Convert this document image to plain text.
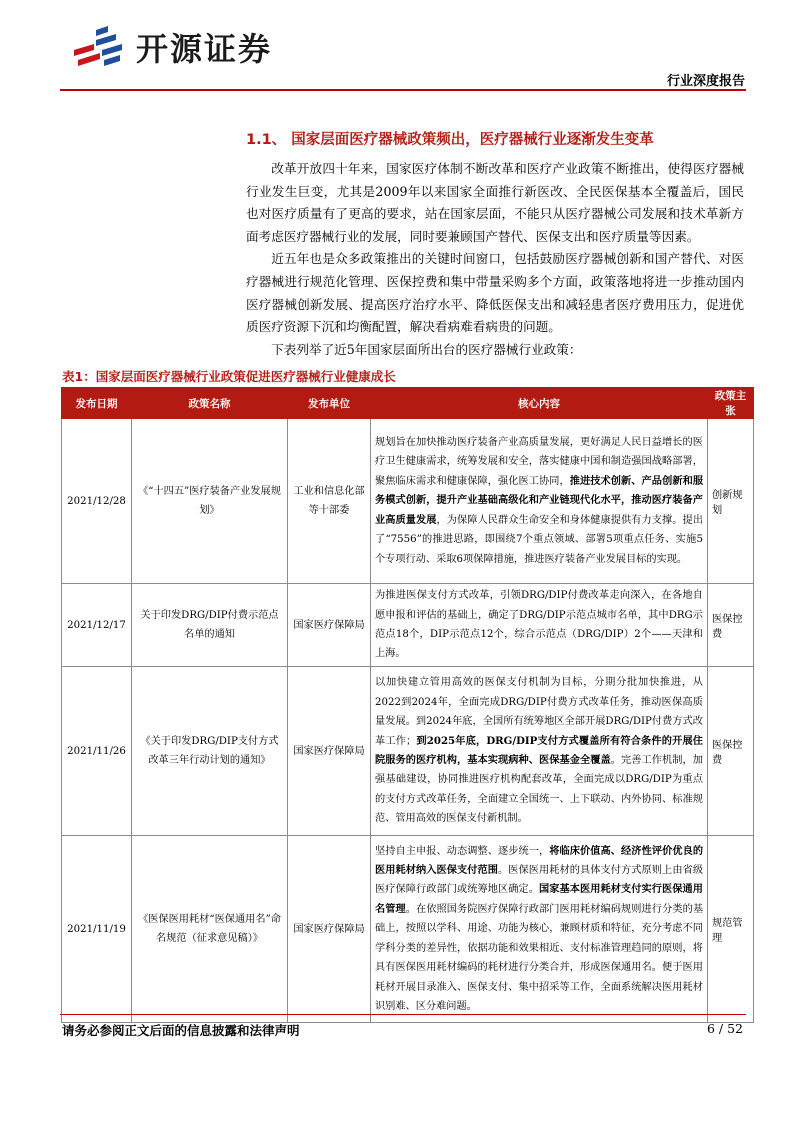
开源证券
行业深度报告
1.1、 国家层面医疗器械政策频出，医疗器械行业逐渐发生变革

改革开放四十年来，国家医疗体制不断改革和医疗产业政策不断推出，使得医疗器械行业发生巨变，尤其是2009年以来国家全面推行新医改、全民医保基本全覆盖后，国民也对医疗质量有了更高的要求，站在国家层面，不能只从医疗器械公司发展和技术革新方面考虑医疗器械行业的发展，同时要兼顾国产替代、医保支出和医疗质量等因素。

近五年也是众多政策推出的关键时间窗口，包括鼓励医疗器械创新和国产替代、对医疗器械进行规范化管理、医保控费和集中带量采购多个方面，政策落地将进一步推动国内医疗器械创新发展、提高医疗治疗水平、降低医保支出和减轻患者医疗费用压力，促进优质医疗资源下沉和均衡配置，解决看病难看病贵的问题。

下表列举了近5年国家层面所出台的医疗器械行业政策：

表1：国家层面医疗器械行业政策促进医疗器械行业健康成长
发布日期	政策名称	发布单位	核心内容	政策主张
2021/12/28	《“十四五”医疗装备产业发展规划》	工业和信息化部等十部委	规划旨在加快推动医疗装备产业高质量发展，更好满足人民日益增长的医疗卫生健康需求，统筹发展和安全，落实健康中国和制造强国战略部署，聚焦临床需求和健康保障，强化医工协同，推进技术创新、产品创新和服务模式创新，提升产业基础高级化和产业链现代化水平，推动医疗装备产业高质量发展，为保障人民群众生命安全和身体健康提供有力支撑。提出了“7556”的推进思路，即围绕7个重点领域、部署5项重点任务、实施5个专项行动、采取6项保障措施，推进医疗装备产业发展目标的实现。	创新规划
2021/12/17	关于印发DRG/DIP付费示范点名单的通知	国家医疗保障局	为推进医保支付方式改革，引领DRG/DIP付费改革走向深入，在各地自愿申报和评估的基础上，确定了DRG/DIP示范点城市名单，其中DRG示范点18个，DIP示范点12个，综合示范点（DRG/DIP）2个——天津和上海。	医保控费
2021/11/26	《关于印发DRG/DIP支付方式改革三年行动计划的通知》	国家医疗保障局	以加快建立管用高效的医保支付机制为目标，分期分批加快推进，从2022到2024年，全面完成DRG/DIP付费方式改革任务，推动医保高质量发展。到2024年底，全国所有统筹地区全部开展DRG/DIP付费方式改革工作；到2025年底，DRG/DIP支付方式覆盖所有符合条件的开展住院服务的医疗机构，基本实现病种、医保基金全覆盖。完善工作机制，加强基础建设，协同推进医疗机构配套改革，全面完成以DRG/DIP为重点的支付方式改革任务，全面建立全国统一、上下联动、内外协同、标准规范、管用高效的医保支付新机制。	医保控费
2021/11/19	《医保医用耗材“医保通用名”命名规范（征求意见稿）》	国家医疗保障局	坚持自主申报、动态调整、逐步统一，将临床价值高、经济性评价优良的医用耗材纳入医保支付范围。医保医用耗材的具体支付方式原则上由省级医疗保障行政部门或统筹地区确定。国家基本医用耗材支付实行医保通用名管理。在依照国务院医疗保障行政部门医用耗材编码规则进行分类的基础上，按照以学科、用途、功能为核心，兼顾材质和特征，充分考虑不同学科分类的差异性，依据功能和效果相近、支付标准管理趋同的原则，将具有医保医用耗材编码的耗材进行分类合并，形成医保通用名。便于医用耗材开展目录准入、医保支付、集中招采等工作，全面系统解决医用耗材识别难、区分难问题。	规范管理
请务必参阅正文后面的信息披露和法律声明	6 / 52
